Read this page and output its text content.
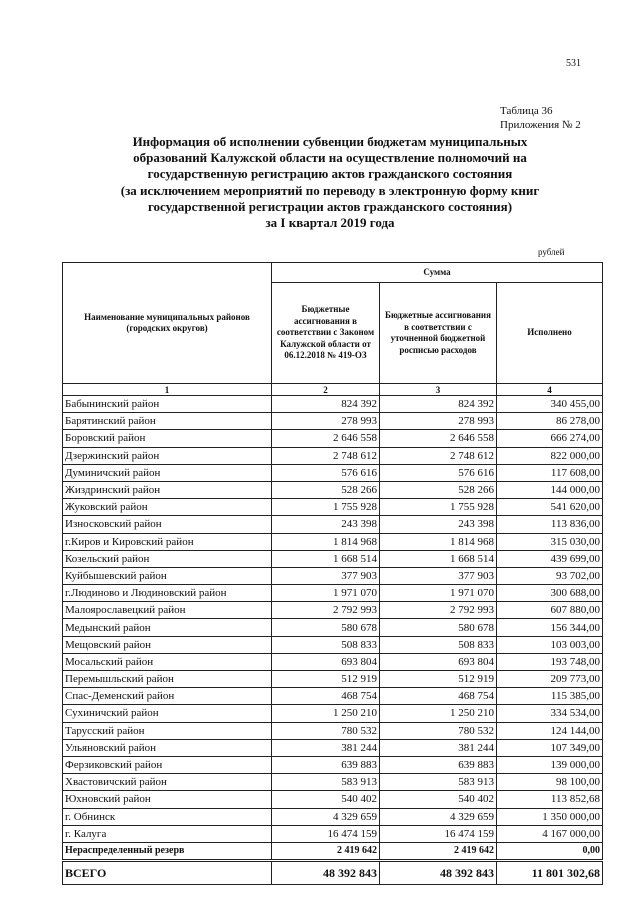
531
Таблица 36
Приложения № 2
Информация об исполнении субвенции бюджетам муниципальных
образований Калужской области на осуществление полномочий на
государственную регистрацию актов гражданского состояния
(за исключением мероприятий по переводу в электронную форму книг
государственной регистрации актов гражданского состояния)
за I квартал 2019 года
рублей
Наименование муниципальных районов (городских округов)	Сумма		
	Бюджетные ассигнования в соответствии с Законом Калужской области от 06.12.2018 № 419-ОЗ	Бюджетные ассигнования в соответствии с уточненной бюджетной росписью расходов	Исполнено
1	2	3	4
Бабынинский район	824 392	824 392	340 455,00
Барятинский район	278 993	278 993	86 278,00
Боровский район	2 646 558	2 646 558	666 274,00
Дзержинский район	2 748 612	2 748 612	822 000,00
Думиничский район	576 616	576 616	117 608,00
Жиздринский район	528 266	528 266	144 000,00
Жуковский район	1 755 928	1 755 928	541 620,00
Износковский район	243 398	243 398	113 836,00
г.Киров и Кировский район	1 814 968	1 814 968	315 030,00
Козельский район	1 668 514	1 668 514	439 699,00
Куйбышевский район	377 903	377 903	93 702,00
г.Людиново и Людиновский район	1 971 070	1 971 070	300 688,00
Малоярославецкий район	2 792 993	2 792 993	607 880,00
Медынский район	580 678	580 678	156 344,00
Мещовский район	508 833	508 833	103 003,00
Мосальский район	693 804	693 804	193 748,00
Перемышльский район	512 919	512 919	209 773,00
Спас-Деменский район	468 754	468 754	115 385,00
Сухиничский район	1 250 210	1 250 210	334 534,00
Тарусский район	780 532	780 532	124 144,00
Ульяновский район	381 244	381 244	107 349,00
Ферзиковский район	639 883	639 883	139 000,00
Хвастовичский район	583 913	583 913	98 100,00
Юхновский район	540 402	540 402	113 852,68
г. Обнинск	4 329 659	4 329 659	1 350 000,00
г. Калуга	16 474 159	16 474 159	4 167 000,00
Нераспределенный резерв	2 419 642	2 419 642	0,00
ВСЕГО	48 392 843	48 392 843	11 801 302,68
